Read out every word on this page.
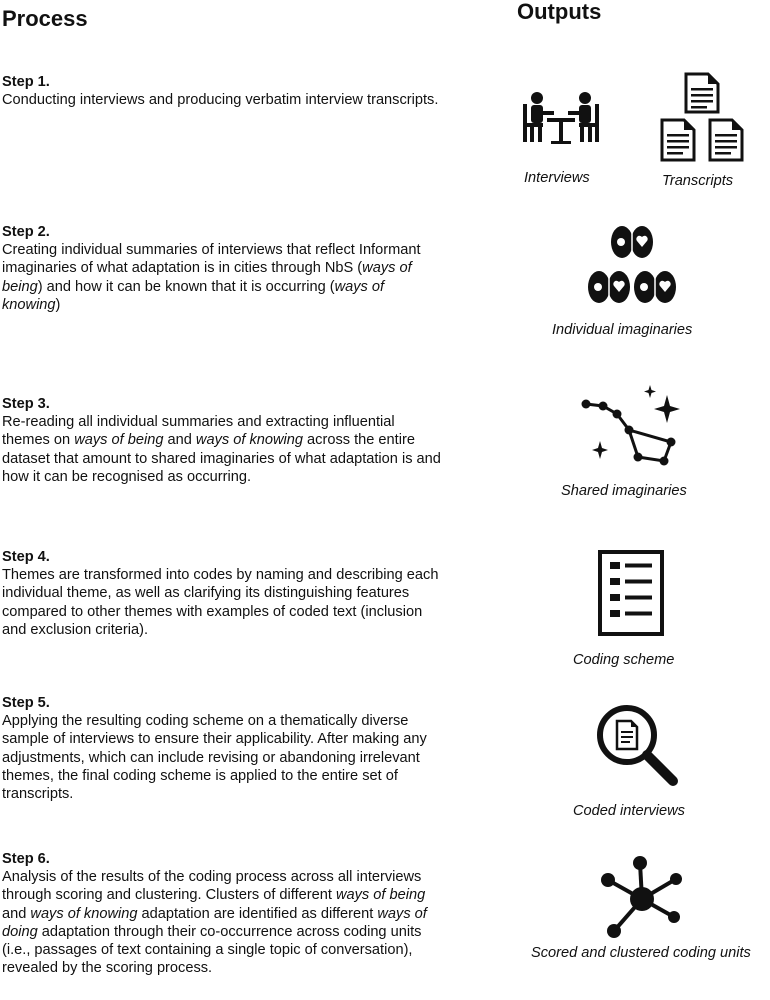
Process	Outputs
Step 1.
Conducting interviews and producing verbatim interview transcripts.
Step 2.
Creating individual summaries of interviews that reflect Informant imaginaries of what adaptation is in cities through NbS (ways of being) and how it can be known that it is occurring (ways of knowing)
Step 3.
Re-reading all individual summaries and extracting influential themes on ways of being and ways of knowing across the entire dataset that amount to shared imaginaries of what adaptation is and how it can be recognised as occurring.
Step 4.
Themes are transformed into codes by naming and describing each individual theme, as well as clarifying its distinguishing features compared to other themes with examples of coded text (inclusion and exclusion criteria).
Step 5.
Applying the resulting coding scheme on a thematically diverse sample of interviews to ensure their applicability. After making any adjustments, which can include revising or abandoning irrelevant themes, the final coding scheme is applied to the entire set of transcripts.
Step 6.
Analysis of the results of the coding process across all interviews through scoring and clustering. Clusters of different ways of being and ways of knowing adaptation are identified as different ways of doing adaptation through their co-occurrence across coding units (i.e., passages of text containing a single topic of conversation), revealed by the scoring process.
Interviews	Transcripts
Individual imaginaries
Shared imaginaries
Coding scheme
Coded interviews
Scored and clustered coding units
